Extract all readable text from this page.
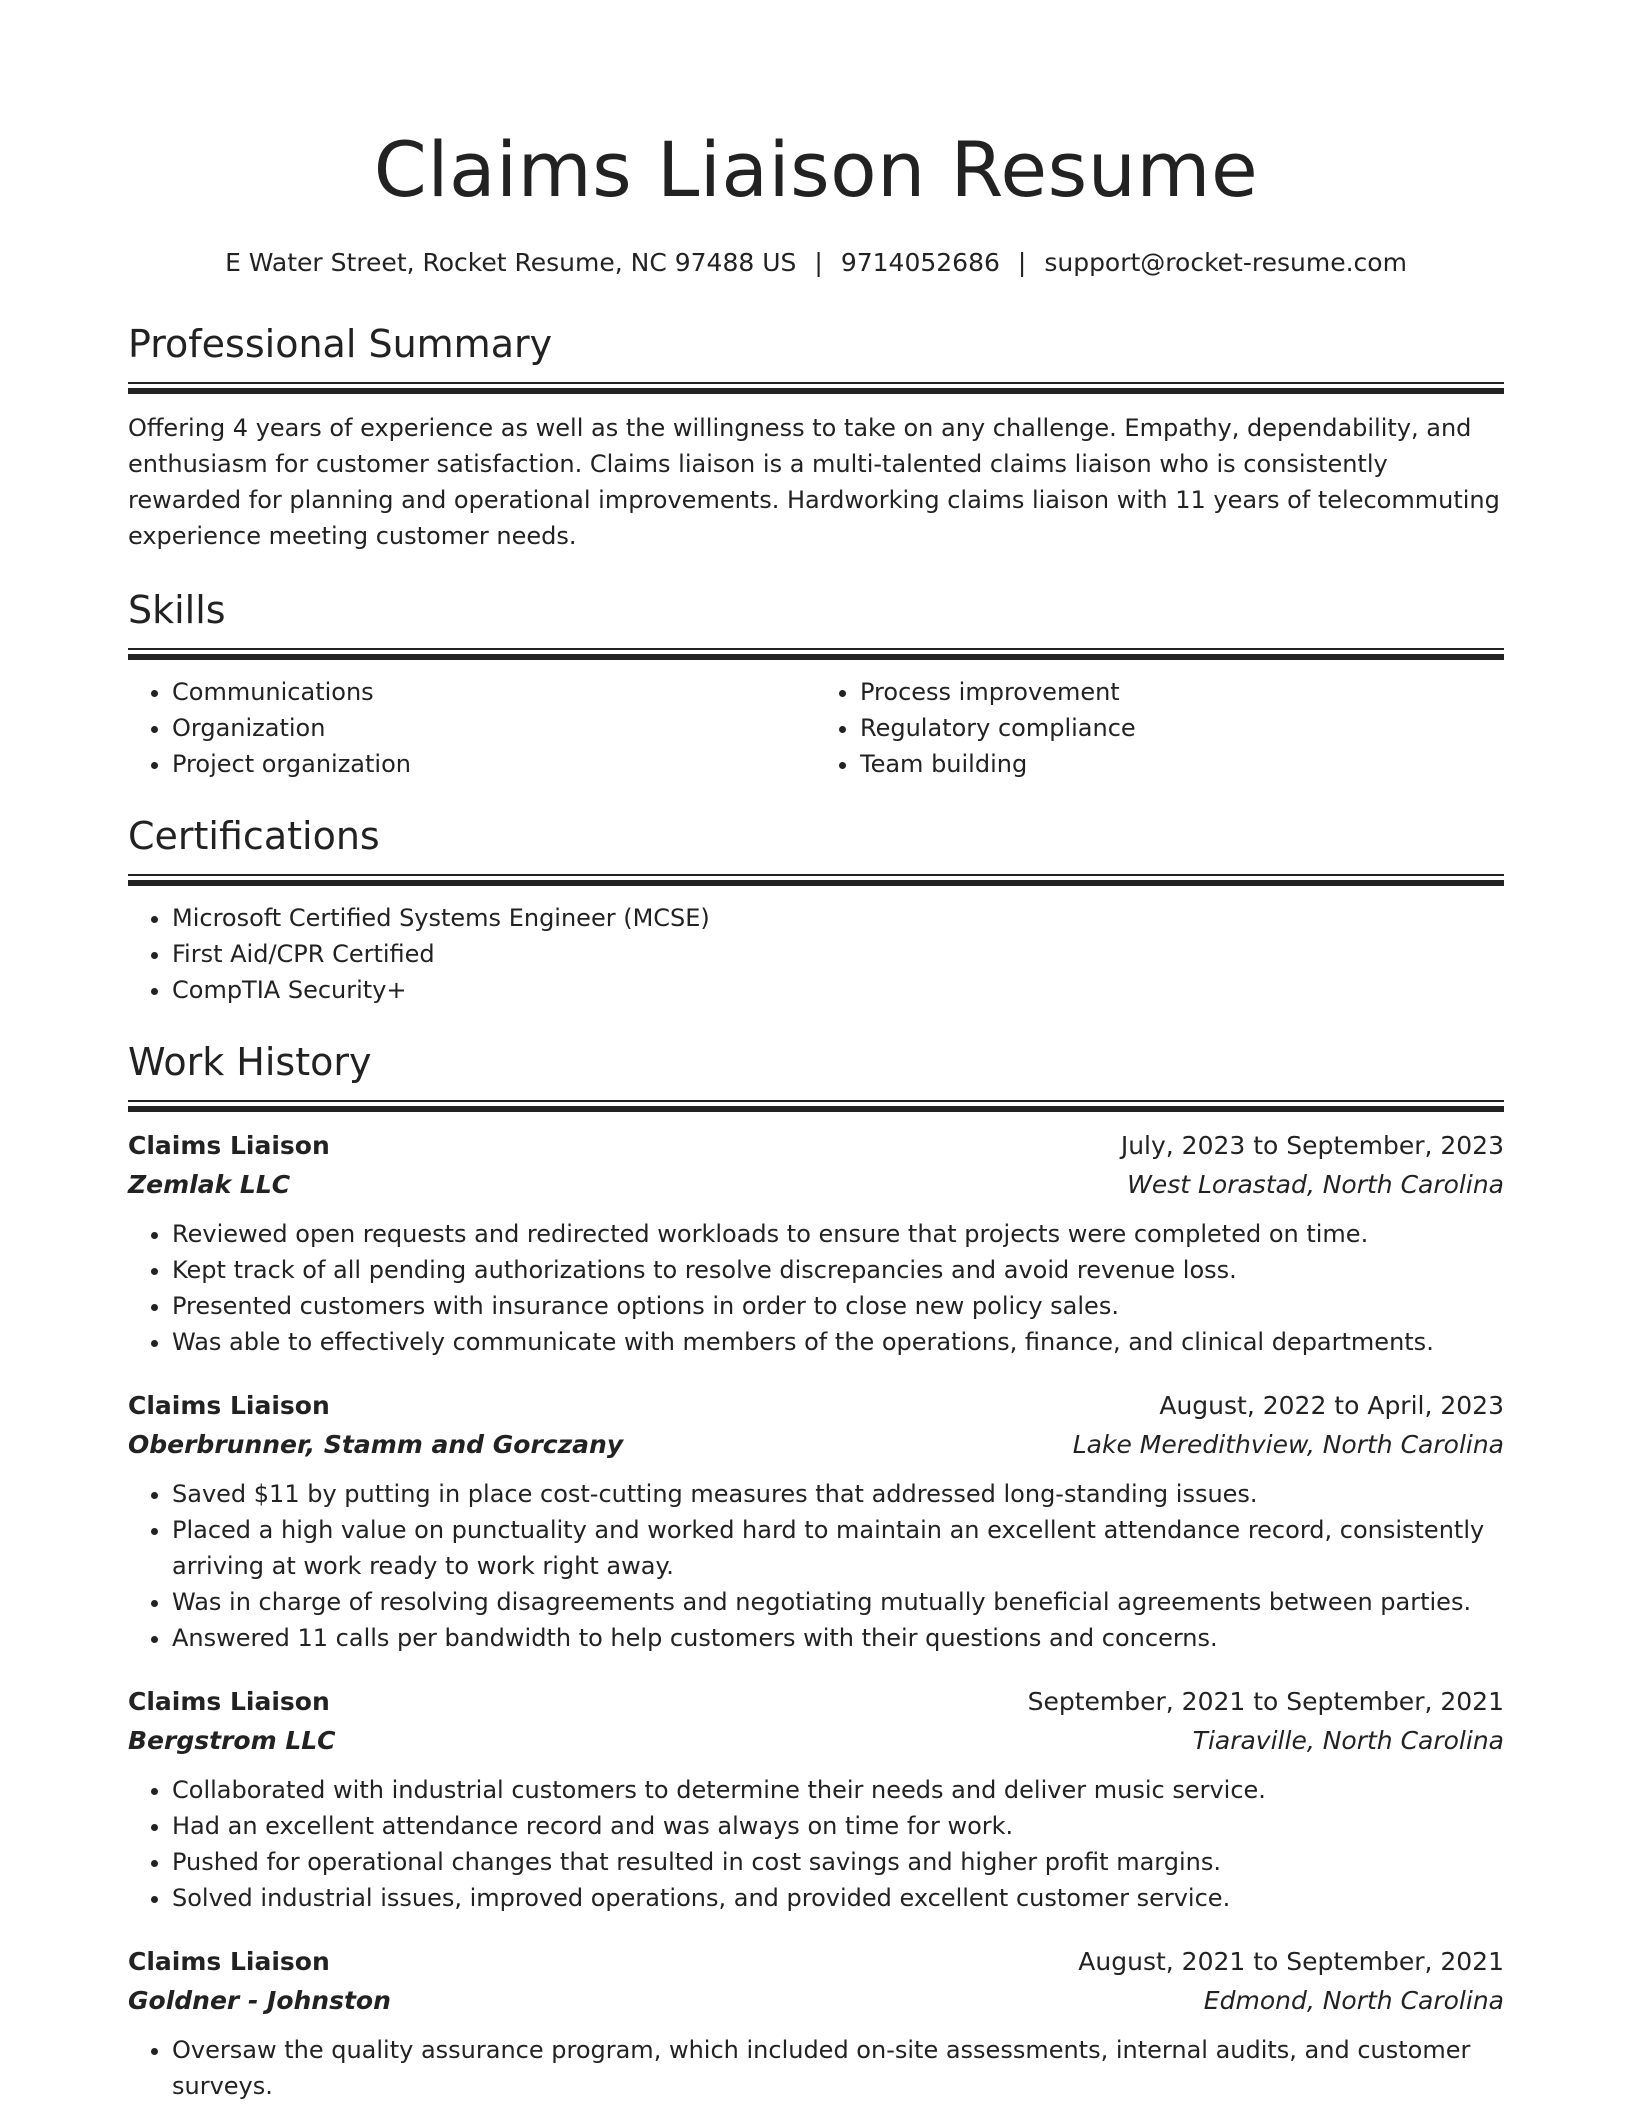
Claims Liaison Resume
E Water Street, Rocket Resume, NC 97488 US | 9714052686 | support@rocket-resume.com
Professional Summary

Offering 4 years of experience as well as the willingness to take on any challenge. Empathy, dependability, and enthusiasm for customer satisfaction. Claims liaison is a multi-talented claims liaison who is consistently rewarded for planning and operational improvements. Hardworking claims liaison with 11 years of telecommuting experience meeting customer needs.

Skills
• Communications
• Organization
• Project organization
• Process improvement
• Regulatory compliance
• Team building
Certifications
• Microsoft Certified Systems Engineer (MCSE)
• First Aid/CPR Certified
• CompTIA Security+
Work History
Claims Liaison	July, 2023 to September, 2023
Zemlak LLC	West Lorastad, North Carolina
• Reviewed open requests and redirected workloads to ensure that projects were completed on time.
• Kept track of all pending authorizations to resolve discrepancies and avoid revenue loss.
• Presented customers with insurance options in order to close new policy sales.
• Was able to effectively communicate with members of the operations, finance, and clinical departments.
Claims Liaison	August, 2022 to April, 2023
Oberbrunner, Stamm and Gorczany	Lake Meredithview, North Carolina
• Saved $11 by putting in place cost-cutting measures that addressed long-standing issues.
• Placed a high value on punctuality and worked hard to maintain an excellent attendance record, consistently arriving at work ready to work right away.
• Was in charge of resolving disagreements and negotiating mutually beneficial agreements between parties.
• Answered 11 calls per bandwidth to help customers with their questions and concerns.
Claims Liaison	September, 2021 to September, 2021
Bergstrom LLC	Tiaraville, North Carolina
• Collaborated with industrial customers to determine their needs and deliver music service.
• Had an excellent attendance record and was always on time for work.
• Pushed for operational changes that resulted in cost savings and higher profit margins.
• Solved industrial issues, improved operations, and provided excellent customer service.
Claims Liaison	August, 2021 to September, 2021
Goldner - Johnston	Edmond, North Carolina
• Oversaw the quality assurance program, which included on-site assessments, internal audits, and customer surveys.
